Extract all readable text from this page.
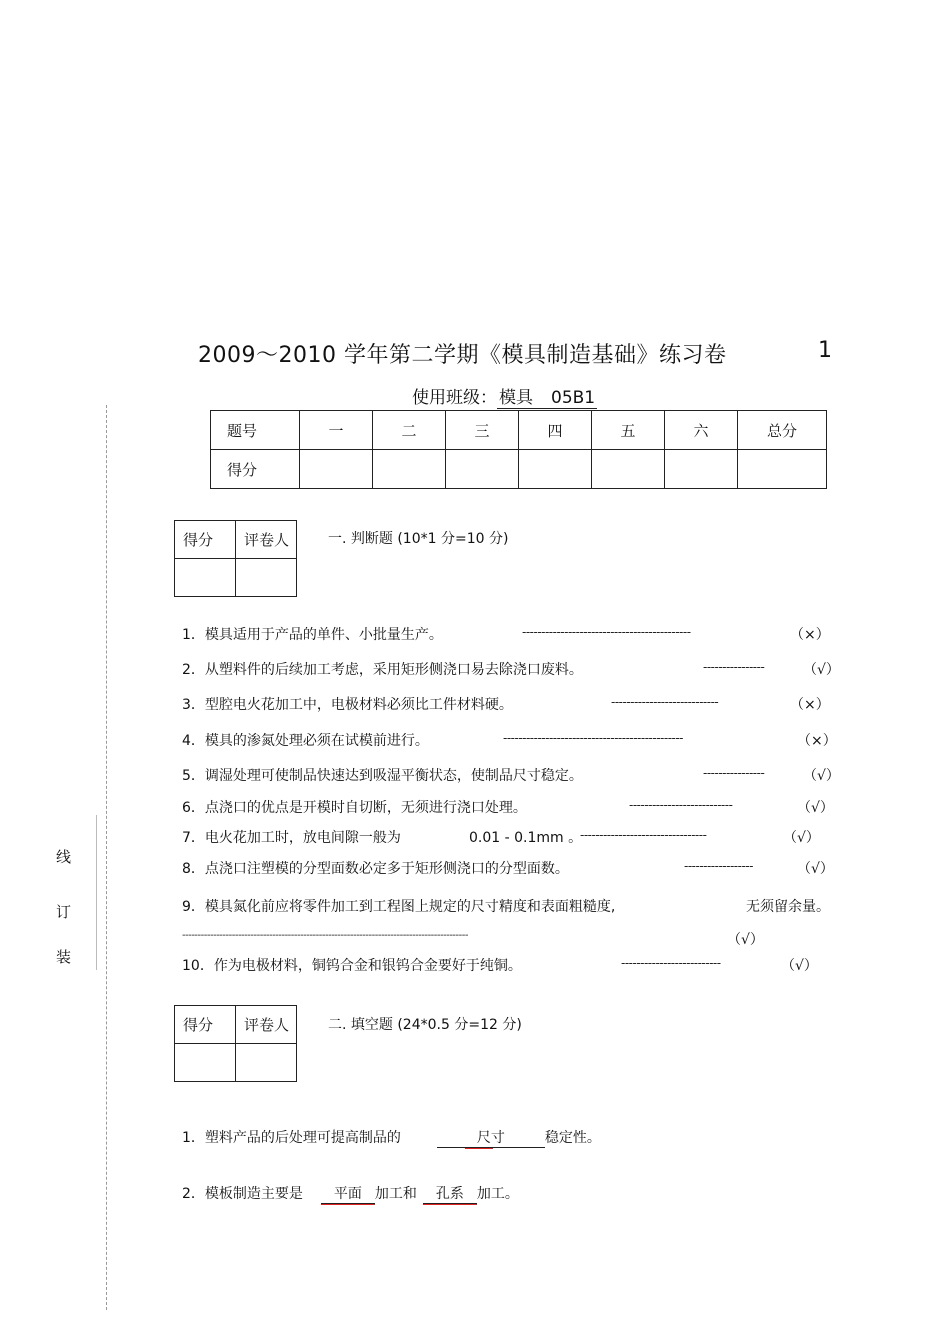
线
订
装
2009～2010 学年第二学期《模具制造基础》练习卷	1
使用班级： 模具 05B1
题号	一	二	三	四	五	六	总分
得分							
得分	评卷人
		一. 判断题 (10*1 分=10 分)
1．模具适用于产品的单件、小批量生产。	--------------------------------------------	（×）
2．从塑料件的后续加工考虑，采用矩形侧浇口易去除浇口废料。	----------------	（√）
3．型腔电火花加工中，电极材料必须比工件材料硬。	----------------------------	（×）
4．模具的渗氮处理必须在试模前进行。	-----------------------------------------------	（×）
5．调湿处理可使制品快速达到吸湿平衡状态，使制品尺寸稳定。	----------------	（√）
6．点浇口的优点是开模时自切断，无须进行浇口处理。	---------------------------	（√）
7．电火花加工时，放电间隙一般为	0.01 - 0.1mm 。
---------------------------------	（√）
8．点浇口注塑模的分型面数必定多于矩形侧浇口的分型面数。	------------------	（√）
9．模具氮化前应将零件加工到工程图上规定的尺寸精度和表面粗糙度,	无须留余量。
--------------------------------------------------------------------------------------------	（√）
10．作为电极材料，铜钨合金和银钨合金要好于纯铜。	--------------------------	（√）
得分	评卷人
		二. 填空题 (24*0.5 分=12 分)
1．塑料产品的后处理可提高制品的	尺寸	稳定性。
2．模板制造主要是 平面 加工和 孔系 加工。
